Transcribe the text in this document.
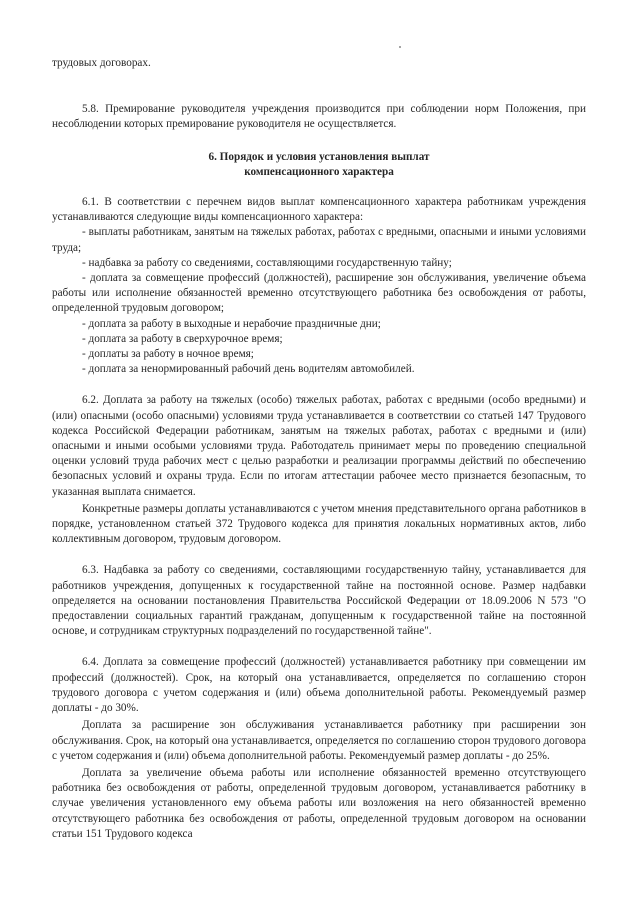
трудовых договорах.

5.8. Премирование руководителя учреждения производится при соблюдении норм Положения, при несоблюдении которых премирование руководителя не осуществляется.

6. Порядок и условия установления выплат

компенсационного характера

6.1. В соответствии с перечнем видов выплат компенсационного характера работникам учреждения устанавливаются следующие виды компенсационного характера:

- выплаты работникам, занятым на тяжелых работах, работах с вредными, опасными и иными условиями труда;

- надбавка за работу со сведениями, составляющими государственную тайну;

- доплата за совмещение профессий (должностей), расширение зон обслуживания, увеличение объема работы или исполнение обязанностей временно отсутствующего работника без освобождения от работы, определенной трудовым договором;

- доплата за работу в выходные и нерабочие праздничные дни;

- доплата за работу в сверхурочное время;

- доплаты за работу в ночное время;

- доплата за ненормированный рабочий день водителям автомобилей.

6.2. Доплата за работу на тяжелых (особо) тяжелых работах, работах с вредными (особо вредными) и (или) опасными (особо опасными) условиями труда устанавливается в соответствии со статьей 147 Трудового кодекса Российской Федерации работникам, занятым на тяжелых работах, работах с вредными и (или) опасными и иными особыми условиями труда. Работодатель принимает меры по проведению специальной оценки условий труда рабочих мест с целью разработки и реализации программы действий по обеспечению безопасных условий и охраны труда. Если по итогам аттестации рабочее место признается безопасным, то указанная выплата снимается.

Конкретные размеры доплаты устанавливаются с учетом мнения представительного органа работников в порядке, установленном статьей 372 Трудового кодекса для принятия локальных нормативных актов, либо коллективным договором, трудовым договором.

6.3. Надбавка за работу со сведениями, составляющими государственную тайну, устанавливается для работников учреждения, допущенных к государственной тайне на постоянной основе. Размер надбавки определяется на основании постановления Правительства Российской Федерации от 18.09.2006 N 573 "О предоставлении социальных гарантий гражданам, допущенным к государственной тайне на постоянной основе, и сотрудникам структурных подразделений по государственной тайне".

6.4. Доплата за совмещение профессий (должностей) устанавливается работнику при совмещении им профессий (должностей). Срок, на который она устанавливается, определяется по соглашению сторон трудового договора с учетом содержания и (или) объема дополнительной работы. Рекомендуемый размер доплаты - до 30%.

Доплата за расширение зон обслуживания устанавливается работнику при расширении зон обслуживания. Срок, на который она устанавливается, определяется по соглашению сторон трудового договора с учетом содержания и (или) объема дополнительной работы. Рекомендуемый размер доплаты - до 25%.

Доплата за увеличение объема работы или исполнение обязанностей временно отсутствующего работника без освобождения от работы, определенной трудовым договором, устанавливается работнику в случае увеличения установленного ему объема работы или возложения на него обязанностей временно отсутствующего работника без освобождения от работы, определенной трудовым договором на основании статьи 151 Трудового кодекса
